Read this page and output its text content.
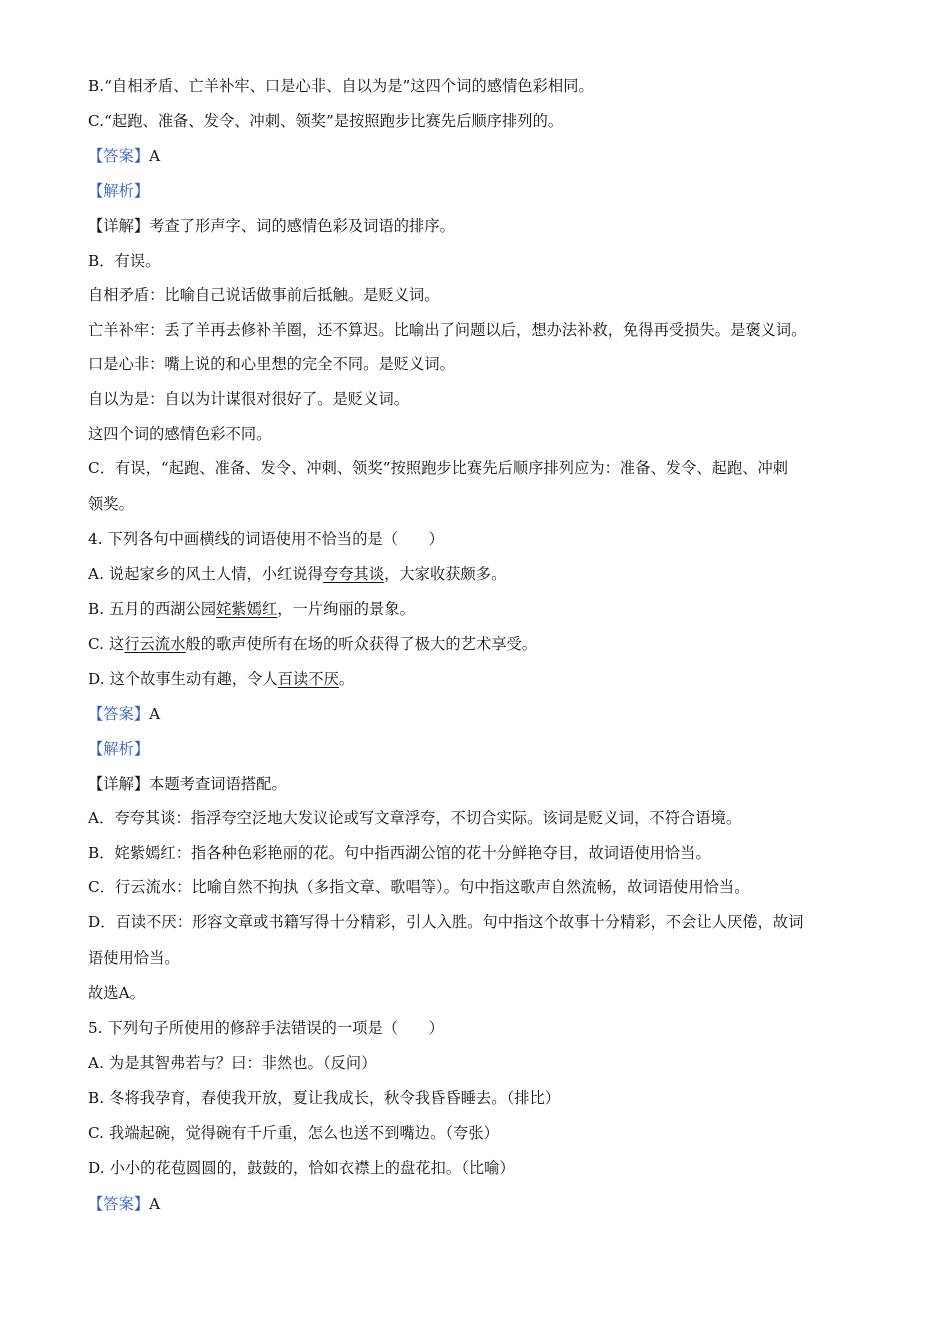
B.“自相矛盾、亡羊补牢、口是心非、自以为是”这四个词的感情色彩相同。
C.“起跑、准备、发令、冲刺、领奖”是按照跑步比赛先后顺序排列的。
【答案】A
【解析】
【详解】考查了形声字、词的感情色彩及词语的排序。
B．有误。
自相矛盾：比喻自己说话做事前后抵触。是贬义词。
亡羊补牢：丢了羊再去修补羊圈，还不算迟。比喻出了问题以后，想办法补救，免得再受损失。是褒义词。
口是心非：嘴上说的和心里想的完全不同。是贬义词。
自以为是：自以为计谋很对很好了。是贬义词。
这四个词的感情色彩不同。
C．有误，“起跑、准备、发令、冲刺、领奖”按照跑步比赛先后顺序排列应为：准备、发令、起跑、冲刺
领奖。
4. 下列各句中画横线的词语使用不恰当的是（　　）
A. 说起家乡的风土人情，小红说得夸夸其谈，大家收获颇多。
B. 五月的西湖公园姹紫嫣红，一片绚丽的景象。
C. 这行云流水般的歌声使所有在场的听众获得了极大的艺术享受。
D. 这个故事生动有趣，令人百读不厌。
【答案】A
【解析】
【详解】本题考查词语搭配。
A．夸夸其谈：指浮夸空泛地大发议论或写文章浮夸，不切合实际。该词是贬义词，不符合语境。
B．姹紫嫣红：指各种色彩艳丽的花。句中指西湖公馆的花十分鲜艳夺目，故词语使用恰当。
C．行云流水：比喻自然不拘执（多指文章、歌唱等）。句中指这歌声自然流畅，故词语使用恰当。
D．百读不厌：形容文章或书籍写得十分精彩，引人入胜。句中指这个故事十分精彩，不会让人厌倦，故词
语使用恰当。
故选A。
5. 下列句子所使用的修辞手法错误的一项是（　　）
A. 为是其智弗若与？曰：非然也。（反问）
B. 冬将我孕育，春使我开放，夏让我成长，秋令我昏昏睡去。（排比）
C. 我端起碗，觉得碗有千斤重，怎么也送不到嘴边。（夸张）
D. 小小的花苞圆圆的，鼓鼓的，恰如衣襟上的盘花扣。（比喻）
【答案】A
